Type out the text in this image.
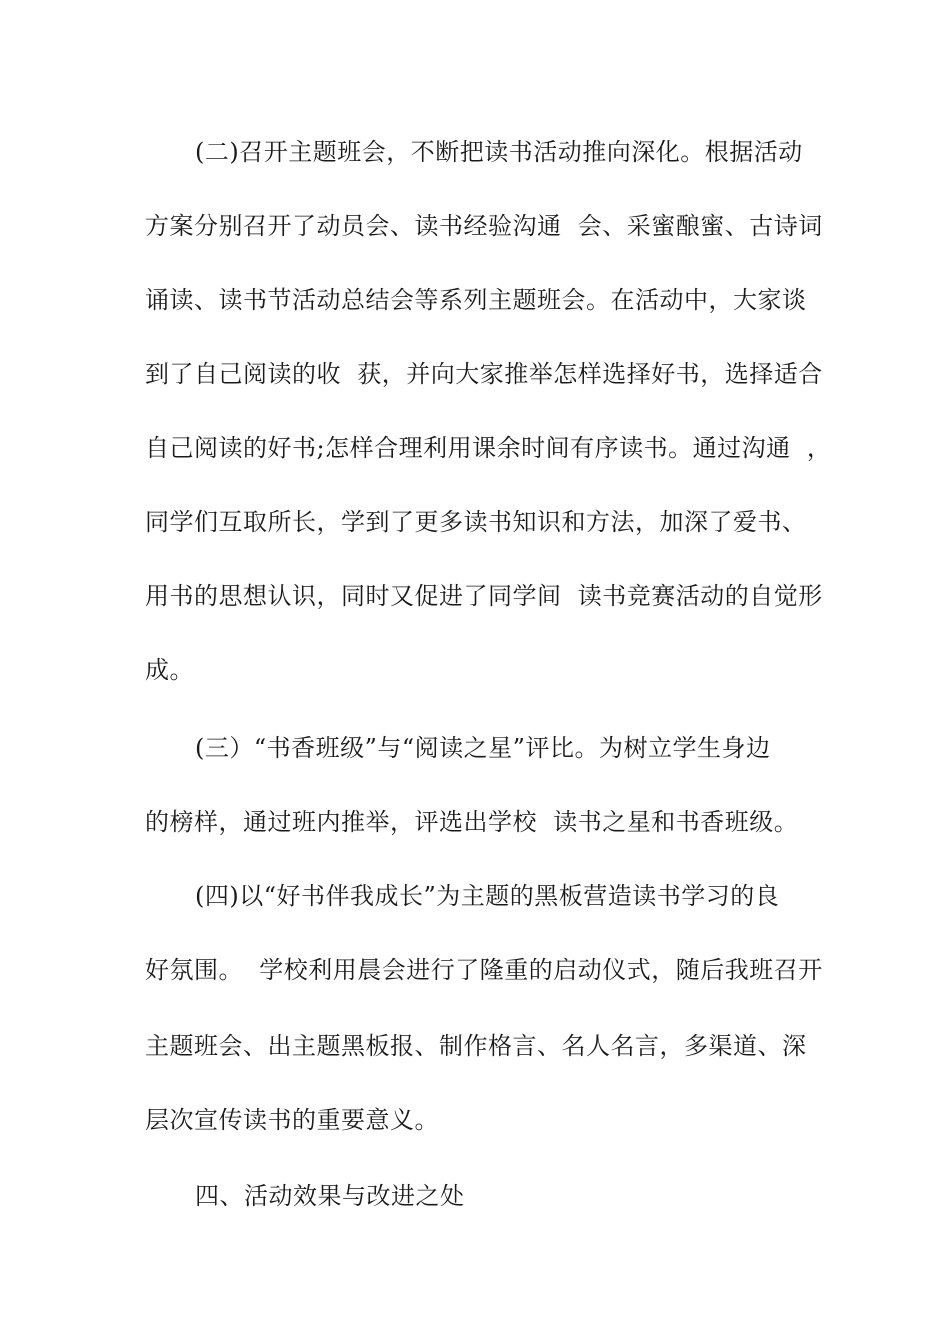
(二)召开主题班会，不断把读书活动推向深化。根据活动
方案分别召开了动员会、读书经验沟通  会、采蜜酿蜜、古诗词
诵读、读书节活动总结会等系列主题班会。在活动中，大家谈
到了自己阅读的收  获，并向大家推举怎样选择好书，选择适合
自己阅读的好书;怎样合理利用课余时间有序读书。通过沟通  ，
同学们互取所长，学到了更多读书知识和方法，加深了爱书、
用书的思想认识，同时又促进了同学间  读书竞赛活动的自觉形
成。
(三）“书香班级”与“阅读之星”评比。为树立学生身边
的榜样，通过班内推举，评选出学校  读书之星和书香班级。
(四)以“好书伴我成长”为主题的黑板营造读书学习的良
好氛围。  学校利用晨会进行了隆重的启动仪式，随后我班召开
主题班会、出主题黑板报、制作格言、名人名言，多渠道、深
层次宣传读书的重要意义。
四、活动效果与改进之处
